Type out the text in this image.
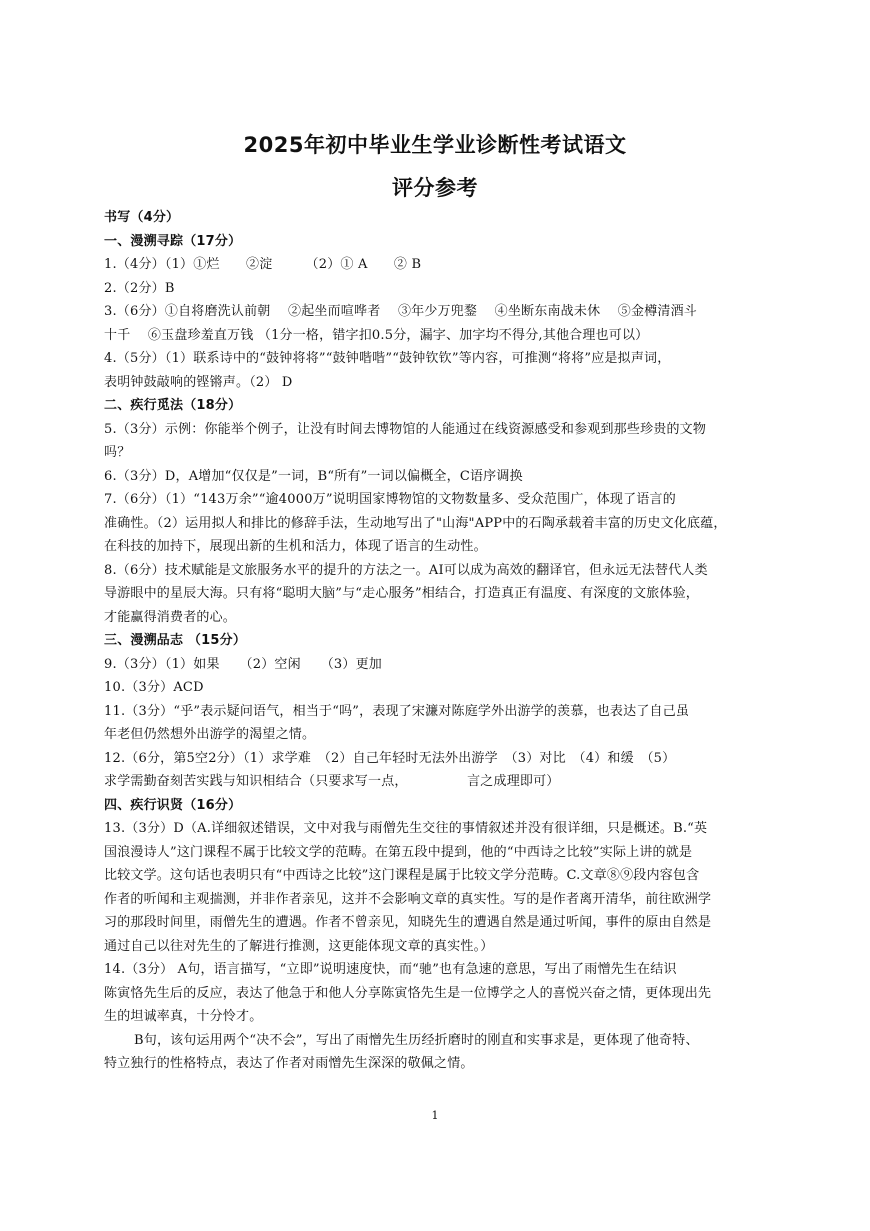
2025年初中毕业生学业诊断性考试语文
评分参考
书写（4分）
一、漫溯寻踪（17分）
1.（4分）（1）①烂　　②淀　　　（2）① A　　② B
2.（2分）B
3.（6分）①自将磨洗认前朝　 ②起坐而喧哗者　 ③年少万兜鍪　 ④坐断东南战未休　 ⑤金樽清酒斗
十千　 ⑥玉盘珍羞直万钱 （1分一格，错字扣0.5分，漏字、加字均不得分,其他合理也可以）
4.（5分）（1）联系诗中的“鼓钟将将”“鼓钟喈喈”“鼓钟钦钦”等内容，可推测“将将”应是拟声词，
表明钟鼓敲响的铿锵声。（2） D
二、疾行觅法（18分）
5.（3分）示例：你能举个例子，让没有时间去博物馆的人能通过在线资源感受和参观到那些珍贵的文物
吗？
6.（3分）D，A增加“仅仅是”一词，B“所有”一词以偏概全，C语序调换
7.（6分）（1）“143万余”“逾4000万”说明国家博物馆的文物数量多、受众范围广，体现了语言的
准确性。（2）运用拟人和排比的修辞手法，生动地写出了"山海"APP中的石陶承载着丰富的历史文化底蕴，
在科技的加持下，展现出新的生机和活力，体现了语言的生动性。
8.（6分）技术赋能是文旅服务水平的提升的方法之一。AI可以成为高效的翻译官，但永远无法替代人类
导游眼中的星辰大海。只有将“聪明大脑”与“走心服务”相结合，打造真正有温度、有深度的文旅体验，
才能赢得消费者的心。
三、漫溯品志 （15分）
9.（3分）（1）如果　　（2）空闲　　（3）更加
10.（3分）ACD
11.（3分）“乎”表示疑问语气，相当于“吗”，表现了宋濂对陈庭学外出游学的羡慕，也表达了自己虽
年老但仍然想外出游学的渴望之情。
12.（6分，第5空2分）（1）求学难　（2）自己年轻时无法外出游学　（3）对比　（4）和缓　（5）
求学需勤奋刻苦实践与知识相结合（只要求写一点，　　　　　言之成理即可）
四、疾行识贤（16分）
13.（3分）D（A.详细叙述错误，文中对我与雨僧先生交往的事情叙述并没有很详细，只是概述。B.“英
国浪漫诗人”这门课程不属于比较文学的范畴。在第五段中提到，他的“中西诗之比较”实际上讲的就是
比较文学。这句话也表明只有“中西诗之比较”这门课程是属于比较文学分范畴。C.文章⑧⑨段内容包含
作者的听闻和主观揣测，并非作者亲见，这并不会影响文章的真实性。写的是作者离开清华，前往欧洲学
习的那段时间里，雨僧先生的遭遇。作者不曾亲见，知晓先生的遭遇自然是通过听闻，事件的原由自然是
通过自己以往对先生的了解进行推测，这更能体现文章的真实性。）
14.（3分） A句，语言描写，“立即”说明速度快，而“驰”也有急速的意思，写出了雨憎先生在结识
陈寅恪先生后的反应，表达了他急于和他人分享陈寅恪先生是一位博学之人的喜悦兴奋之情，更体现出先
生的坦诚率真，十分怜才。
B句，该句运用两个“决不会”，写出了雨憎先生历经折磨时的刚直和实事求是，更体现了他奇特、
特立独行的性格特点，表达了作者对雨憎先生深深的敬佩之情。
1
